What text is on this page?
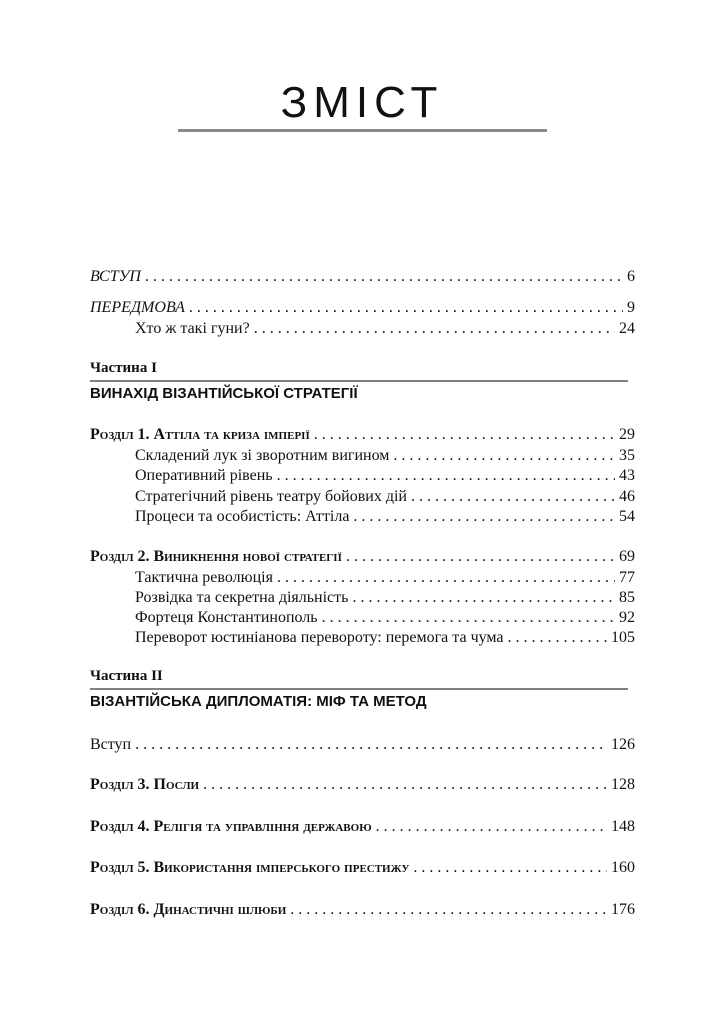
ЗМІСТ
ВСТУП . . .	6
ПЕРЕДМОВА . . .	9
Хто ж такі гуни? . . .	24
Частина І
ВИНАХІД ВІЗАНТІЙСЬКОЇ СТРАТЕГІЇ
Розділ 1. Аттіла та криза імперії . . .	29
Складений лук зі зворотним вигином . . .	35
Оперативний рівень . . .	43
Стратегічний рівень театру бойових дій . . .	46
Процеси та особистість: Аттіла . . .	54
Розділ 2. Виникнення нової стратегії . . .	69
Тактична революція . . .	77
Розвідка та секретна діяльність . . .	85
Фортеця Константинополь . . .	92
Переворот юстиніанова перевороту: перемога та чума . . .	105
Частина ІІ
ВІЗАНТІЙСЬКА ДИПЛОМАТІЯ: МІФ ТА МЕТОД
Вступ . . .	126
Розділ 3. Посли . . .	128
Розділ 4. Релігія та управління державою . . .	148
Розділ 5. Використання імперського престижу . . .	160
Розділ 6. Династичні шлюби . . .	176
